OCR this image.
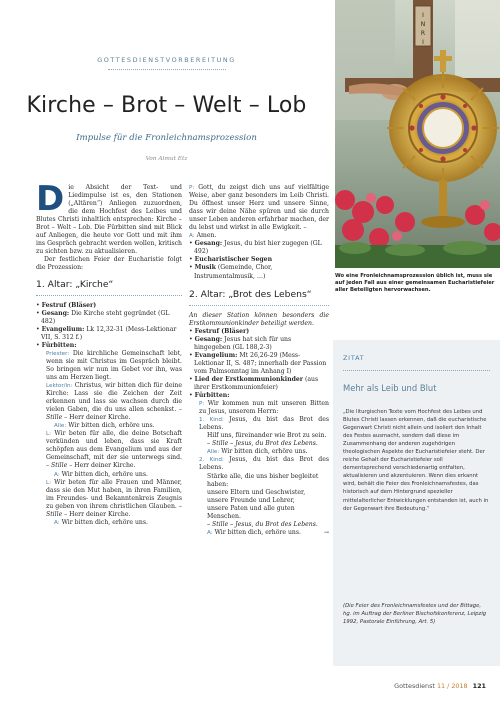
GOTTESDIENSTVORBEREITUNG
Kirche – Brot – Welt – Lob
Impulse für die Fronleichnamsprozession
Von Almut Etz

Die Absicht der Text- und Liedimpulse ist es, den Stationen („Altären“) Anliegen zuzuordnen, die dem Hochfest des Leibes und Blutes Christi inhaltlich entsprechen: Kirche – Brot – Welt – Lob. Die Fürbitten sind mit Blick auf Anliegen, die heute vor Gott und mit ihm ins Gespräch gebracht werden wollen, kritisch zu sichten bzw. zu aktualisieren.

Der festlichen Feier der Eucharistie folgt die Prozession:

1. Altar: „Kirche“

• Festruf (Bläser)

• Gesang: Die Kirche steht gegründet (GL 482)

• Evangelium: Lk 12,32-31 (Mess-Lektionar VII, S. 312 f.)

• Fürbitten:

Priester: Die kirchliche Gemeinschaft lebt, wenn sie mit Christus im Gespräch bleibt. So bringen wir nun im Gebet vor ihn, was uns am Herzen liegt.

Lektor/in: Christus, wir bitten dich für deine Kirche: Lass sie die Zeichen der Zeit erkennen und lass sie wachsen durch die vielen Gaben, die du uns allen schenkst. – Stille – Herr deiner Kirche.

Alle: Wir bitten dich, erhöre uns.

L: Wir beten für alle, die deine Botschaft verkünden und leben, dass sie Kraft schöpfen aus dem Evangelium und aus der Gemeinschaft, mit der sie unterwegs sind. – Stille – Herr deiner Kirche.

A: Wir bitten dich, erhöre uns.

L: Wir beten für alle Frauen und Männer, dass sie den Mut haben, in ihren Familien, im Freundes- und Bekanntenkreis Zeugnis zu geben von ihrem christlichen Glauben. – Stille – Herr deiner Kirche.

A: Wir bitten dich, erhöre uns.

P: Gott, du zeigst dich uns auf vielfältige Weise, aber ganz besonders im Leib Christi. Du öffnest unser Herz und unsere Sinne, dass wir deine Nähe spüren und sie durch unser Leben anderen erfahrbar machen, der du lebst und wirkst in alle Ewigkeit. –

A: Amen.

• Gesang: Jesus, du bist hier zugegen (GL 492)

• Eucharistischer Segen

• Musik (Gemeinde, Chor, Instrumentalmusik, …)

2. Altar: „Brot des Lebens“

An dieser Station können besonders die Erstkommunionkinder beteiligt werden.

• Festruf (Bläser)

• Gesang: Jesus hat sich für uns hingegeben (GL 188,2-3)

• Evangelium: Mt 26,26-29 (Mess-Lektionar II, S. 487; innerhalb der Passion vom Palmsonntag im Anhang I)

• Lied der Erstkommunionkinder (aus ihrer Erstkommunionfeier)

• Fürbitten:

P: Wir kommen nun mit unseren Bitten zu Jesus, unserem Herrn:

1. Kind: Jesus, du bist das Brot des Lebens.

Hilf uns, füreinander wie Brot zu sein.

– Stille – Jesus, du Brot des Lebens.

Alle: Wir bitten dich, erhöre uns.

2. Kind: Jesus, du bist das Brot des Lebens.

Stärke alle, die uns bisher begleitet haben:

unsere Eltern und Geschwister,

unsere Freunde und Lehrer,

unsere Paten und alle guten Menschen.

– Stille – Jesus, du Brot des Lebens.

A: Wir bitten dich, erhöre uns.	→

I
N
R
I
Wo eine Fronleichnamsprozession üblich ist, muss sie auf jeden Fall aus einer gemeinsamen Eucharistiefeier aller Beteiligten hervorwachsen.
ZITAT
Mehr als Leib und Blut
„Die liturgischen Texte vom Hochfest des Leibes und Blutes Christi lassen erkennen, daß die eucharistische Gegenwart Christi nicht allein und isoliert den Inhalt des Festes ausmacht, sondern daß diese im Zusammenhang der anderen zugehörigen theologischen Aspekte der Eucharistiefeier steht. Der reiche Gehalt der Eucharistiefeier soll dementsprechend verschiedenartig entfalten, aktualisieren und akzentuieren. Wenn dies erkannt wird, behält die Feier des Fronleichnamsfestes, das historisch auf dem Hintergrund spezieller mittelalterlicher Entwicklungen entstanden ist, auch in der Gegenwart ihre Bedeutung.“
(Die Feier des Fronleichnamsfestes und der Bittage, hg. im Auftrag der Berliner Bischofskonferenz, Leipzig 1992, Pastorale Einführung, Art. 5)
Gottesdienst 11 / 2018 121
